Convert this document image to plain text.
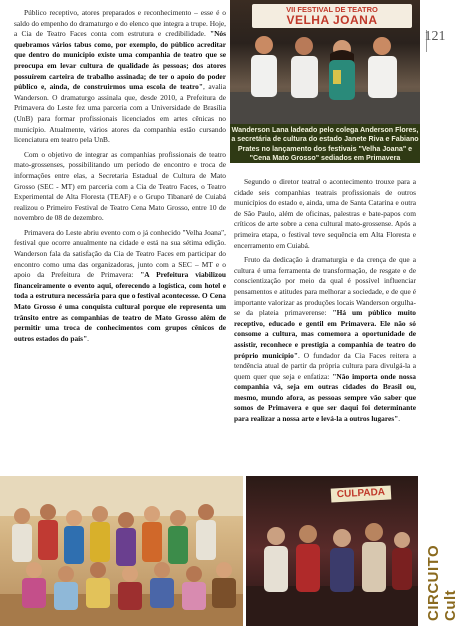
Público receptivo, atores preparados e reconhecimento – esse é o saldo do empenho do dramaturgo e do elenco que integra a trupe. Hoje, a Cia de Teatro Faces conta com estrutura e credibilidade. "Nós quebramos vários tabus como, por exemplo, do público acreditar que dentro do município existe uma companhia de teatro que se preocupa em levar cultura de qualidade às pessoas; dos atores possuírem carteira de trabalho assinada; de ter o apoio do poder público e, ainda, de construirmos uma escola de teatro", avalia Wanderson. O dramaturgo assinala que, desde 2010, a Prefeitura de Primavera do Leste fez uma parceria com a Universidade de Brasília (UnB) para formar profissionais licenciados em artes cênicas no município. Atualmente, vários atores da companhia estão cursando licenciatura em teatro pela UnB.

Com o objetivo de integrar as companhias profissionais de teatro mato-grossenses, possibilitando um período de encontro e troca de informações entre elas, a Secretaria Estadual de Cultura de Mato Grosso (SEC - MT) em parceria com a Cia de Teatro Faces, o Teatro Experimental de Alta Floresta (TEAF) e o Grupo Tibanaré de Cuiabá realizou o Primeiro Festival de Teatro Cena Mato Grosso, entre 10 de novembro de 08 de dezembro.

Primavera do Leste abriu evento com o já conhecido "Velha Joana", festival que ocorre anualmente na cidade e está na sua sétima edição. Wanderson fala da satisfação da Cia de Teatro Faces em participar do encontro como uma das organizadoras, junto com a SEC – MT e o apoio da Prefeitura de Primavera: "A Prefeitura viabilizou financeiramente o evento aqui, oferecendo a logística, com hotel e toda a estrutura necessária para que o festival acontecesse. O Cena Mato Grosso é uma conquista cultural porque ele representa um trânsito entre as companhias de teatro de Mato Grosso além de permitir uma troca de conhecimentos com grupos cênicos de outros estados do país".

VII FESTIVAL DE TEATRO
VELHA JOANA
Wanderson Lana ladeado pelo colega Anderson Flores, a secretária de cultura do estado Janete Riva e Fabiano Prates no lançamento dos festivais "Velha Joana" e "Cena Mato Grosso" sediados em Primavera
121

Segundo o diretor teatral o acontecimento trouxe para a cidade seis companhias teatrais profissionais de outros municípios do estado e, ainda, uma de Santa Catarina e outra de São Paulo, além de oficinas, palestras e bate-papos com críticos de arte sobre a cena cultural mato-grossense. Após a primeira etapa, o festival teve sequência em Alta Floresta e encerramento em Cuiabá.

Fruto da dedicação à dramaturgia e da crença de que a cultura é uma ferramenta de transformação, de resgate e de conscientização por meio da qual é possível influenciar pensamentos e atitudes para melhorar a sociedade, e de que é importante valorizar as produções locais Wanderson orgulha-se da plateia primaverense: "Há um público muito receptivo, educado e gentil em Primavera. Ele não só consome a cultura, mas comemora a oportunidade de assistir, reconhece e prestigia a companhia de teatro do próprio município". O fundador da Cia Faces reitera a tendência atual de partir da própria cultura para divulgá-la a quem quer que seja e enfatiza: "Não importa onde nossa companhia vá, seja em outras cidades do Brasil ou, mesmo, mundo afora, as pessoas sempre vão saber que somos de Primavera e que ser daqui foi determinante para realizar a nossa arte e levá-la a outros lugares".

CULPADA
CIRCUITO Cult
